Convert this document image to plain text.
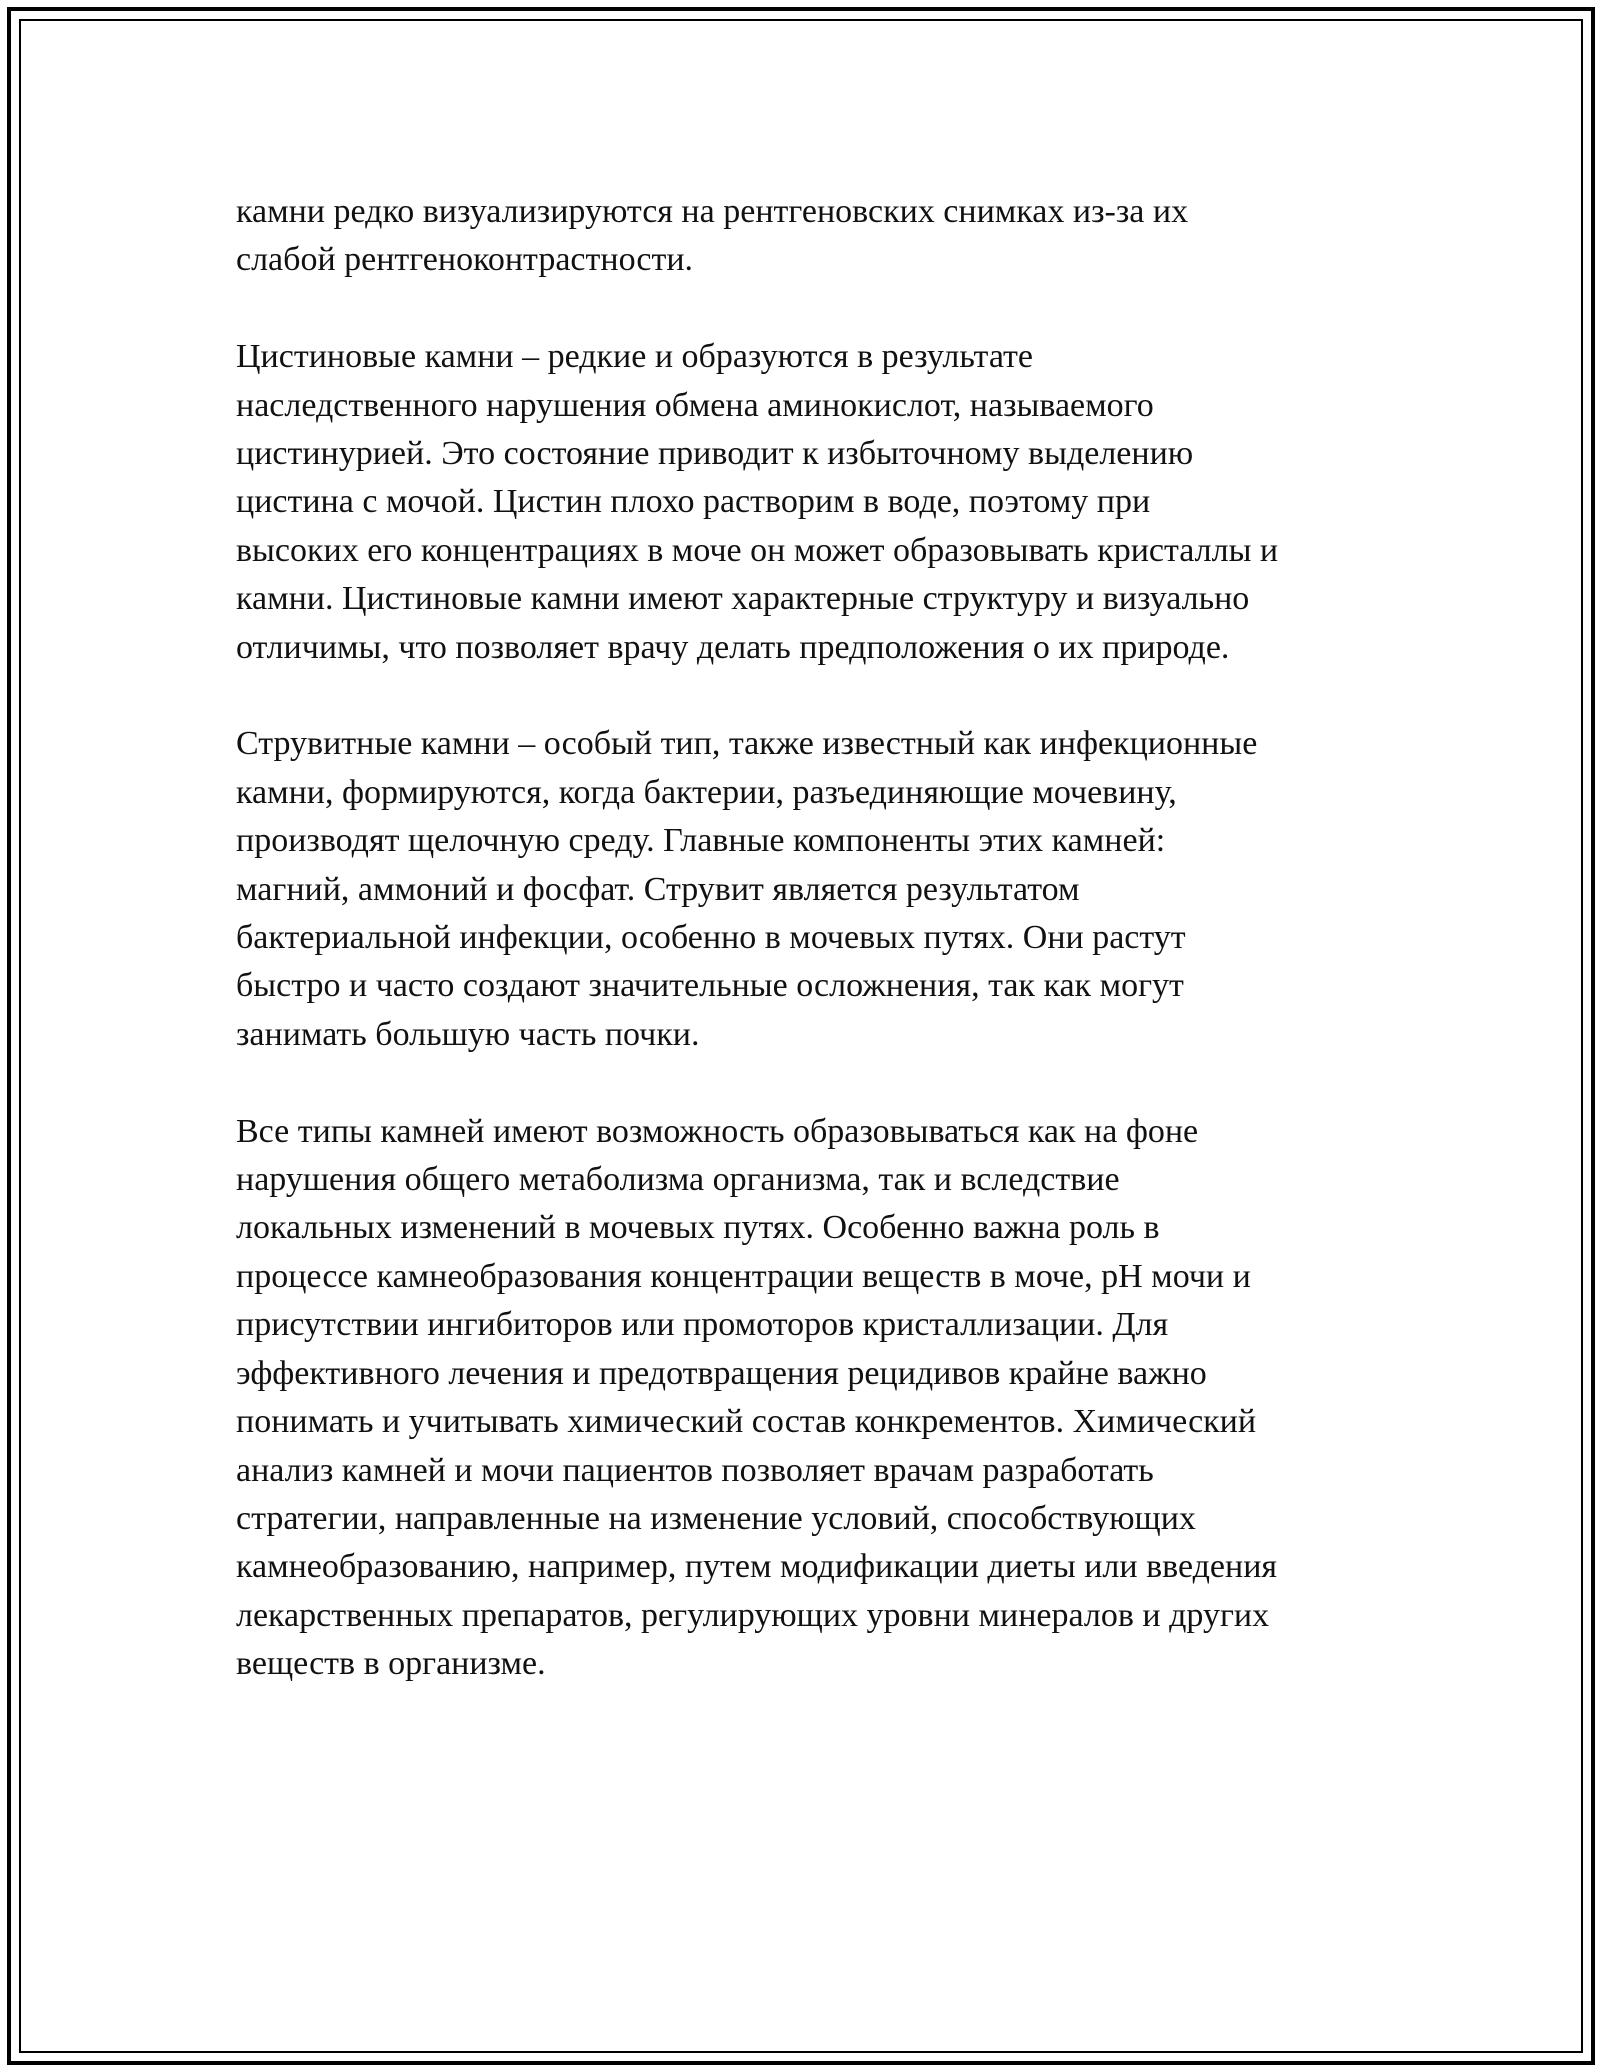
камни редко визуализируются на рентгеновских снимках из-за их
слабой рентгеноконтрастности.

Цистиновые камни – редкие и образуются в результате
наследственного нарушения обмена аминокислот, называемого
цистинурией. Это состояние приводит к избыточному выделению
цистина с мочой. Цистин плохо растворим в воде, поэтому при
высоких его концентрациях в моче он может образовывать кристаллы и
камни. Цистиновые камни имеют характерные структуру и визуально
отличимы, что позволяет врачу делать предположения о их природе.

Струвитные камни – особый тип, также известный как инфекционные
камни, формируются, когда бактерии, разъединяющие мочевину,
производят щелочную среду. Главные компоненты этих камней:
магний, аммоний и фосфат. Струвит является результатом
бактериальной инфекции, особенно в мочевых путях. Они растут
быстро и часто создают значительные осложнения, так как могут
занимать большую часть почки.

Все типы камней имеют возможность образовываться как на фоне
нарушения общего метаболизма организма, так и вследствие
локальных изменений в мочевых путях. Особенно важна роль в
процессе камнеобразования концентрации веществ в моче, pH мочи и
присутствии ингибиторов или промоторов кристаллизации. Для
эффективного лечения и предотвращения рецидивов крайне важно
понимать и учитывать химический состав конкрементов. Химический
анализ камней и мочи пациентов позволяет врачам разработать
стратегии, направленные на изменение условий, способствующих
камнеобразованию, например, путем модификации диеты или введения
лекарственных препаратов, регулирующих уровни минералов и других
веществ в организме.
